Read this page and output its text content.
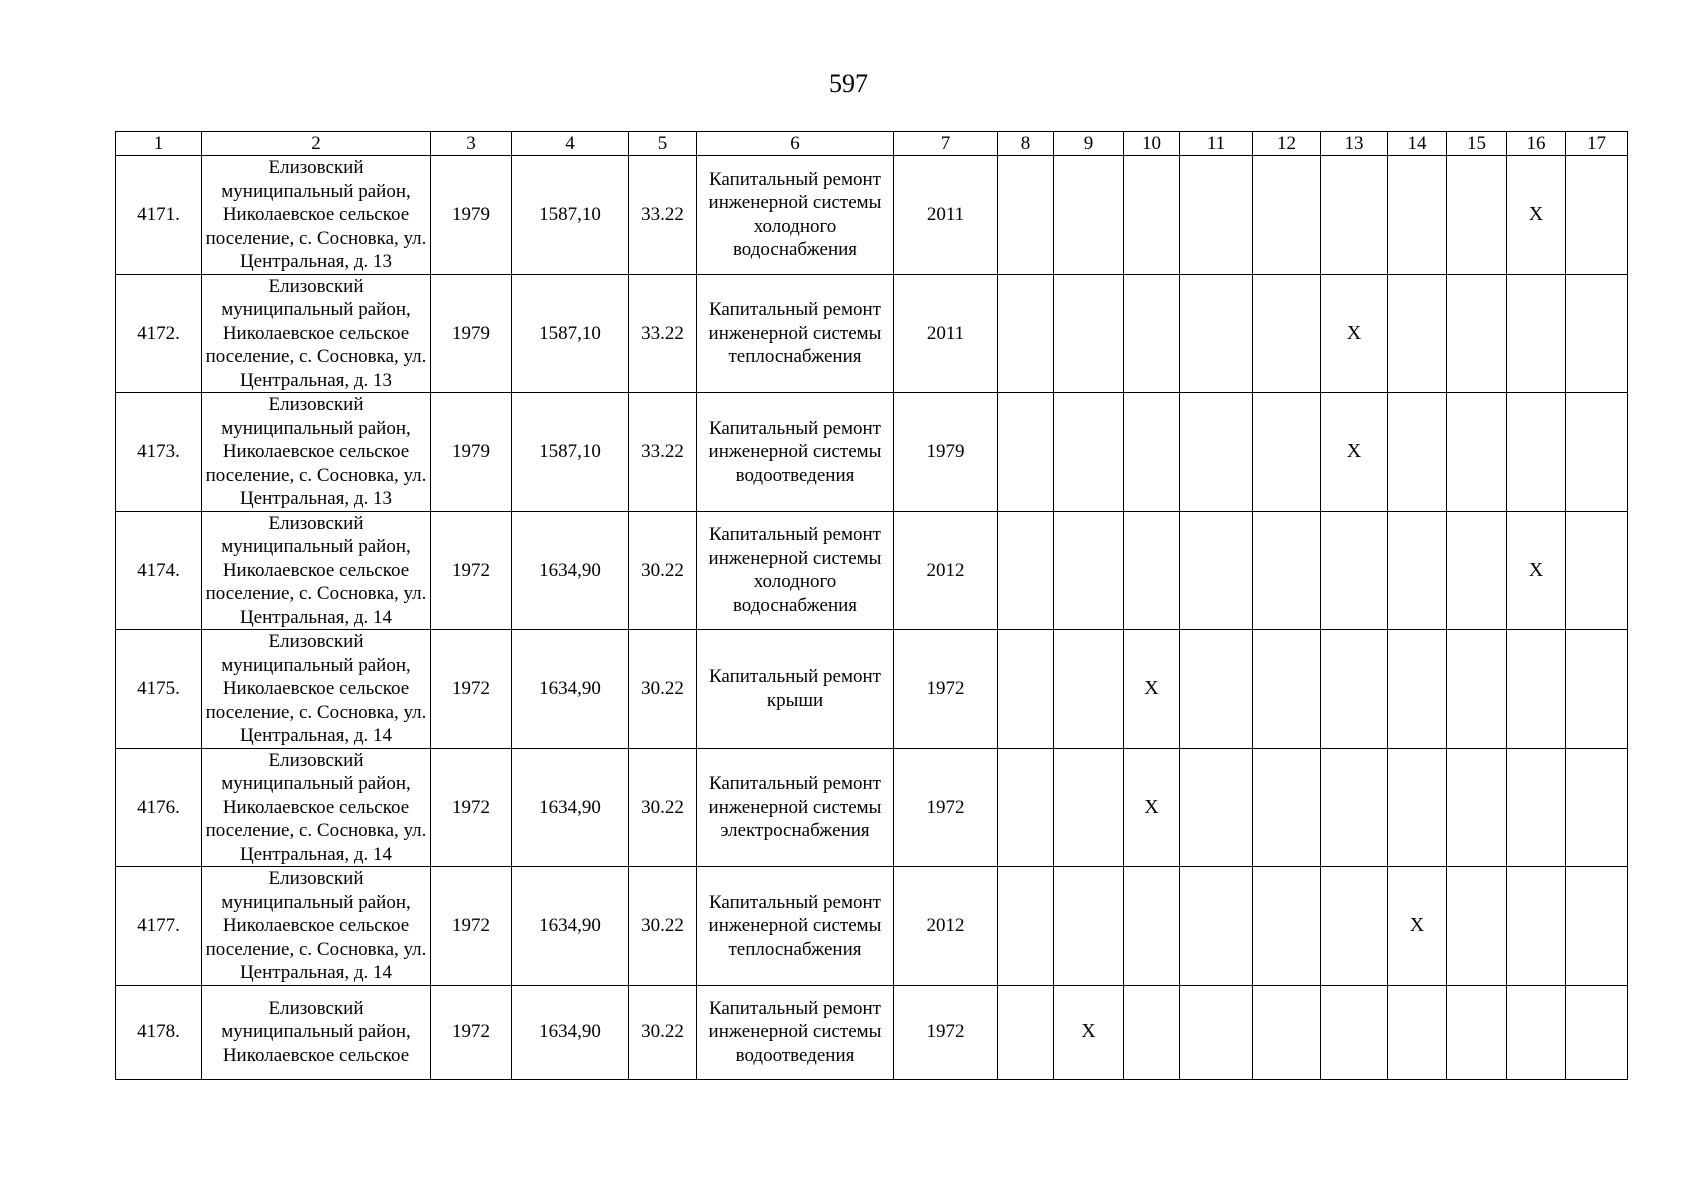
597
1	2	3	4	5	6	7	8	9	10	11	12	13	14	15	16	17

4171.	Елизовский муниципальный район, Николаевское сельское поселение, с. Сосновка, ул. Центральная, д. 13	1979	1587,10	33.22	Капитальный ремонт инженерной системы холодного водоснабжения	2011									X	

4172.	Елизовский муниципальный район, Николаевское сельское поселение, с. Сосновка, ул. Центральная, д. 13	1979	1587,10	33.22	Капитальный ремонт инженерной системы теплоснабжения	2011						X				

4173.	Елизовский муниципальный район, Николаевское сельское поселение, с. Сосновка, ул. Центральная, д. 13	1979	1587,10	33.22	Капитальный ремонт инженерной системы водоотведения	1979						X				

4174.	Елизовский муниципальный район, Николаевское сельское поселение, с. Сосновка, ул. Центральная, д. 14	1972	1634,90	30.22	Капитальный ремонт инженерной системы холодного водоснабжения	2012									X	

4175.	Елизовский муниципальный район, Николаевское сельское поселение, с. Сосновка, ул. Центральная, д. 14	1972	1634,90	30.22	Капитальный ремонт крыши	1972			X							

4176.	Елизовский муниципальный район, Николаевское сельское поселение, с. Сосновка, ул. Центральная, д. 14	1972	1634,90	30.22	Капитальный ремонт инженерной системы электроснабжения	1972			X							

4177.	Елизовский муниципальный район, Николаевское сельское поселение, с. Сосновка, ул. Центральная, д. 14	1972	1634,90	30.22	Капитальный ремонт инженерной системы теплоснабжения	2012							X			

4178.	Елизовский муниципальный район, Николаевское сельское	1972	1634,90	30.22	Капитальный ремонт инженерной системы водоотведения	1972		X								
